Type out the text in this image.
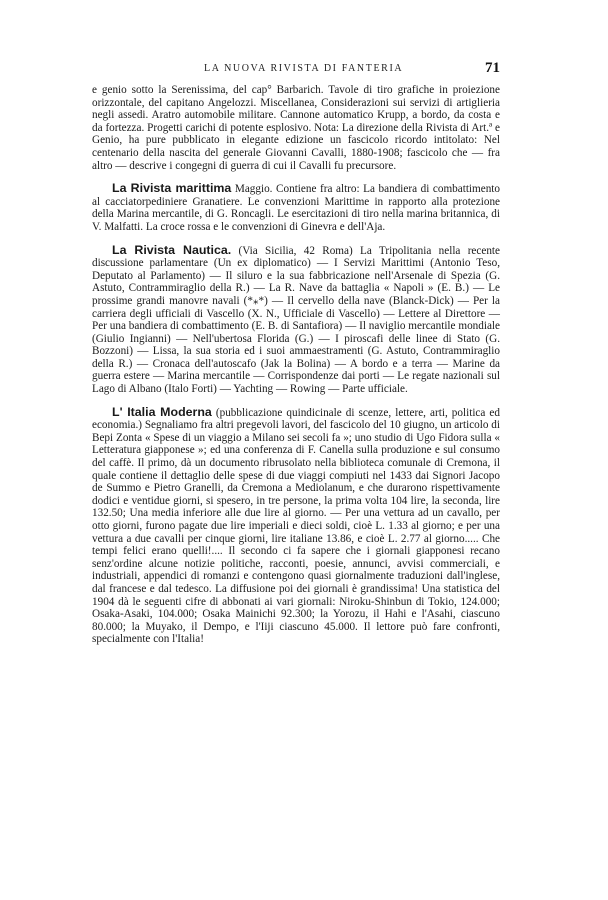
LA NUOVA RIVISTA DI FANTERIA	71

e genio sotto la Serenissima, del cap° Barbarich. Tavole di tiro grafiche in proiezione orizzontale, del capitano Angelozzi. Miscellanea, Considerazioni sui servizi di artiglieria negli assedi. Aratro automobile militare. Cannone automatico Krupp, a bordo, da costa e da fortezza. Progetti carichi di potente esplosivo. Nota: La direzione della Rivista di Art.ª e Genio, ha pure pubblicato in elegante edizione un fascicolo ricordo intitolato: Nel centenario della nascita del generale Giovanni Cavalli, 1880-1908; fascicolo che — fra altro — descrive i congegni di guerra di cui il Cavalli fu precursore.

La Rivista marittima Maggio. Contiene fra altro: La bandiera di combattimento al cacciatorpediniere Granatiere. Le convenzioni Marittime in rapporto alla protezione della Marina mercantile, di G. Roncagli. Le esercitazioni di tiro nella marina britannica, di V. Malfatti. La croce rossa e le convenzioni di Ginevra e dell'Aja.

La Rivista Nautica. (Via Sicilia, 42 Roma) La Tripolitania nella recente discussione parlamentare (Un ex diplomatico) — I Servizi Marittimi (Antonio Teso, Deputato al Parlamento) — Il siluro e la sua fabbricazione nell'Arsenale di Spezia (G. Astuto, Contrammiraglio della R.) — La R. Nave da battaglia « Napoli » (E. B.) — Le prossime grandi manovre navali (*⁎*) — Il cervello della nave (Blanck-Dick) — Per la carriera degli ufficiali di Vascello (X. N., Ufficiale di Vascello) — Lettere al Direttore — Per una bandiera di combattimento (E. B. di Santafiora) — Il naviglio mercantile mondiale (Giulio Ingianni) — Nell'ubertosa Florida (G.) — I piroscafi delle linee di Stato (G. Bozzoni) — Lissa, la sua storia ed i suoi ammaestramenti (G. Astuto, Contrammiraglio della R.) — Cronaca dell'autoscafo (Jak la Bolina) — A bordo e a terra — Marine da guerra estere — Marina mercantile — Corrispondenze dai porti — Le regate nazionali sul Lago di Albano (Italo Forti) — Yachting — Rowing — Parte ufficiale.

L' Italia Moderna (pubblicazione quindicinale di scenze, lettere, arti, politica ed economia.) Segnaliamo fra altri pregevoli lavori, del fascicolo del 10 giugno, un articolo di Bepi Zonta « Spese di un viaggio a Milano sei secoli fa »; uno studio di Ugo Fidora sulla « Letteratura giapponese »; ed una conferenza di F. Canella sulla produzione e sul consumo del caffè. Il primo, dà un documento ribrusolato nella biblioteca comunale di Cremona, il quale contiene il dettaglio delle spese di due viaggi compiuti nel 1433 dai Signori Jacopo de Summo e Pietro Granelli, da Cremona a Mediolanum, e che durarono rispettivamente dodici e ventidue giorni, si spesero, in tre persone, la prima volta 104 lire, la seconda, lire 132.50; Una media inferiore alle due lire al giorno. — Per una vettura ad un cavallo, per otto giorni, furono pagate due lire imperiali e dieci soldi, cioè L. 1.33 al giorno; e per una vettura a due cavalli per cinque giorni, lire italiane 13.86, e cioè L. 2.77 al giorno..... Che tempi felici erano quelli!.... Il secondo ci fa sapere che i giornali giapponesi recano senz'ordine alcune notizie politiche, racconti, poesie, annunci, avvisi commerciali, e industriali, appendici di romanzi e contengono quasi giornalmente traduzioni dall'inglese, dal francese e dal tedesco. La diffusione poi dei giornali è grandissima! Una statistica del 1904 dà le seguenti cifre di abbonati ai vari giornali: Niroku-Shinbun di Tokio, 124.000; Osaka-Asaki, 104.000; Osaka Mainichi 92.300; la Yorozu, il Hahi e l'Asahi, ciascuno 80.000; la Muyako, il Dempo, e l'Iiji ciascuno 45.000. Il lettore può fare confronti, specialmente con l'Italia!
